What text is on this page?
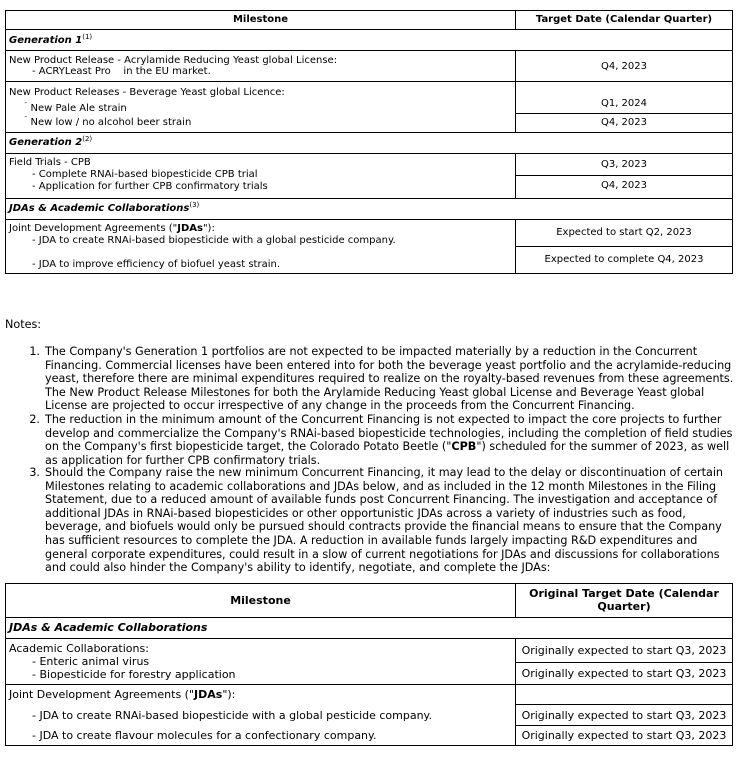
Milestone	Target Date (Calendar Quarter)
Generation 1$^{(1)}$
New Product Release - Acrylamide Reducing Yeast global License:
- ACRYLeast Pro    in the EU market.	Q4, 2023
New Product Releases - Beverage Yeast global Licence:
¯ New Pale Ale strain
¯ New low / no alcohol beer strain
Q1, 2024
Q4, 2023
Generation 2$^{(2)}$
Field Trials - CPB
- Complete RNAi-based biopesticide CPB trial
- Application for further CPB confirmatory trials
Q3, 2023
Q4, 2023
JDAs & Academic Collaborations$^{(3)}$
Joint Development Agreements ("JDAs"):
- JDA to create RNAi-based biopesticide with a global pesticide company.
- JDA to improve efficiency of biofuel yeast strain.
Expected to start Q2, 2023
Expected to complete Q4, 2023
Notes:
1. The Company's Generation 1 portfolios are not expected to be impacted materially by a reduction in the Concurrent
Financing. Commercial licenses have been entered into for both the beverage yeast portfolio and the acrylamide-reducing
yeast, therefore there are minimal expenditures required to realize on the royalty-based revenues from these agreements.
The New Product Release Milestones for both the Arylamide Reducing Yeast global License and Beverage Yeast global
License are projected to occur irrespective of any change in the proceeds from the Concurrent Financing.
2. The reduction in the minimum amount of the Concurrent Financing is not expected to impact the core projects to further
develop and commercialize the Company's RNAi-based biopesticide technologies, including the completion of field studies
on the Company's first biopesticide target, the Colorado Potato Beetle ("CPB") scheduled for the summer of 2023, as well
as application for further CPB confirmatory trials.
3. Should the Company raise the new minimum Concurrent Financing, it may lead to the delay or discontinuation of certain
Milestones relating to academic collaborations and JDAs below, and as included in the 12 month Milestones in the Filing
Statement, due to a reduced amount of available funds post Concurrent Financing. The investigation and acceptance of
additional JDAs in RNAi-based biopesticides or other opportunistic JDAs across a variety of industries such as food,
beverage, and biofuels would only be pursued should contracts provide the financial means to ensure that the Company
has sufficient resources to complete the JDA. A reduction in available funds largely impacting R&D expenditures and
general corporate expenditures, could result in a slow of current negotiations for JDAs and discussions for collaborations
and could also hinder the Company's ability to identify, negotiate, and complete the JDAs:
Milestone
Original Target Date (Calendar
Quarter)
JDAs & Academic Collaborations
Academic Collaborations:
- Enteric animal virus
- Biopesticide for forestry application
Originally expected to start Q3, 2023
Originally expected to start Q3, 2023
Joint Development Agreements ("JDAs"):
- JDA to create RNAi-based biopesticide with a global pesticide company.
- JDA to create flavour molecules for a confectionary company.
Originally expected to start Q3, 2023
Originally expected to start Q3, 2023
